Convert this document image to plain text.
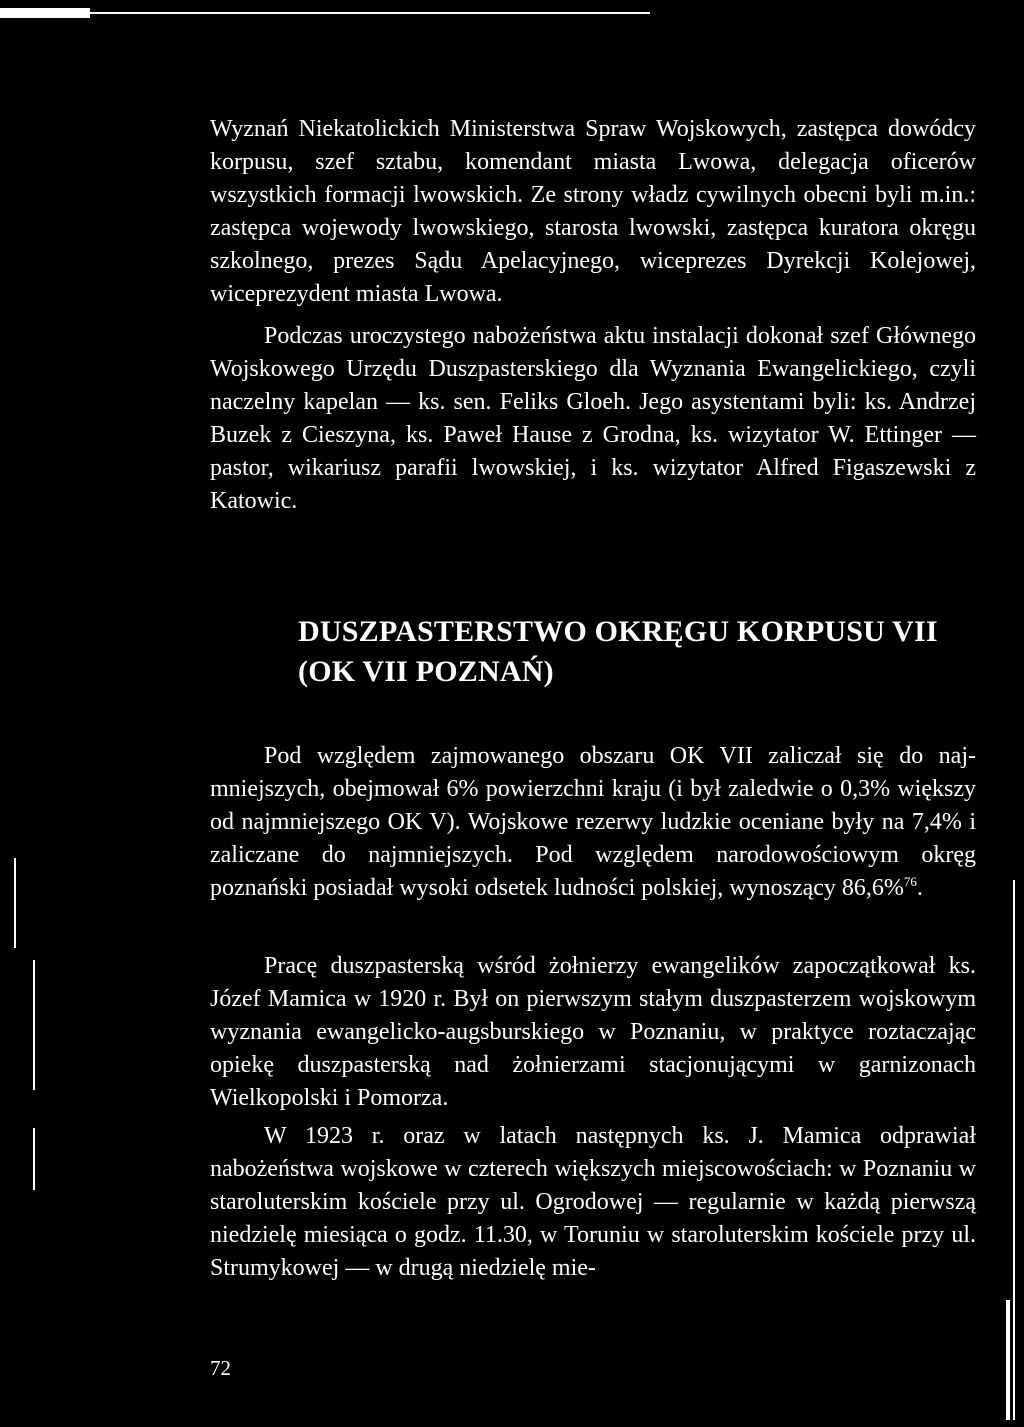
Wyznań Niekatolickich Ministerstwa Spraw Wojskowych, zastępca dowódcy korpusu, szef sztabu, komendant miasta Lwowa, delegacja oficerów wszystkich formacji lwowskich. Ze strony władz cywilnych obecni byli m.in.: zastępca wojewody lwowskiego, starosta lwowski, zastępca kuratora okręgu szkolnego, prezes Sądu Apelacyjnego, wiceprezes Dyrekcji Kolejowej, wiceprezydent miasta Lwowa.

Podczas uroczystego nabożeństwa aktu instalacji dokonał szef Głównego Wojskowego Urzędu Duszpasterskiego dla Wyznania Ewangelickiego, czyli naczelny kapelan — ks. sen. Feliks Gloeh. Jego asystentami byli: ks. Andrzej Buzek z Cieszyna, ks. Paweł Hause z Grodna, ks. wizytator W. Ettinger — pastor, wikariusz parafii lwowskiej, i ks. wizytator Alfred Figaszewski z Katowic.

DUSZPASTERSTWO OKRĘGU KORPUSU VII
(OK VII POZNAŃ)

Pod względem zajmowanego obszaru OK VII zaliczał się do najmniejszych, obejmował 6% powierzchni kraju (i był zaledwie o 0,3% większy od najmniejszego OK V). Wojskowe rezerwy ludzkie oceniane były na 7,4% i zaliczane do najmniejszych. Pod względem narodowościowym okręg poznański posiadał wysoki odsetek ludności polskiej, wynoszący 86,6%$^{76}$.

Pracę duszpasterską wśród żołnierzy ewangelików zapoczątkował ks. Józef Mamica w 1920 r. Był on pierwszym stałym duszpasterzem wojskowym wyznania ewangelicko-augsburskiego w Poznaniu, w praktyce roztaczając opiekę duszpasterską nad żołnierzami stacjonującymi w garnizonach Wielkopolski i Pomorza.

W 1923 r. oraz w latach następnych ks. J. Mamica odprawiał nabożeństwa wojskowe w czterech większych miejscowościach: w Poznaniu w staroluterskim kościele przy ul. Ogrodowej — regularnie w każdą pierwszą niedzielę miesiąca o godz. 11.30, w Toruniu w staroluterskim kościele przy ul. Strumykowej — w drugą niedzielę mie-

72
